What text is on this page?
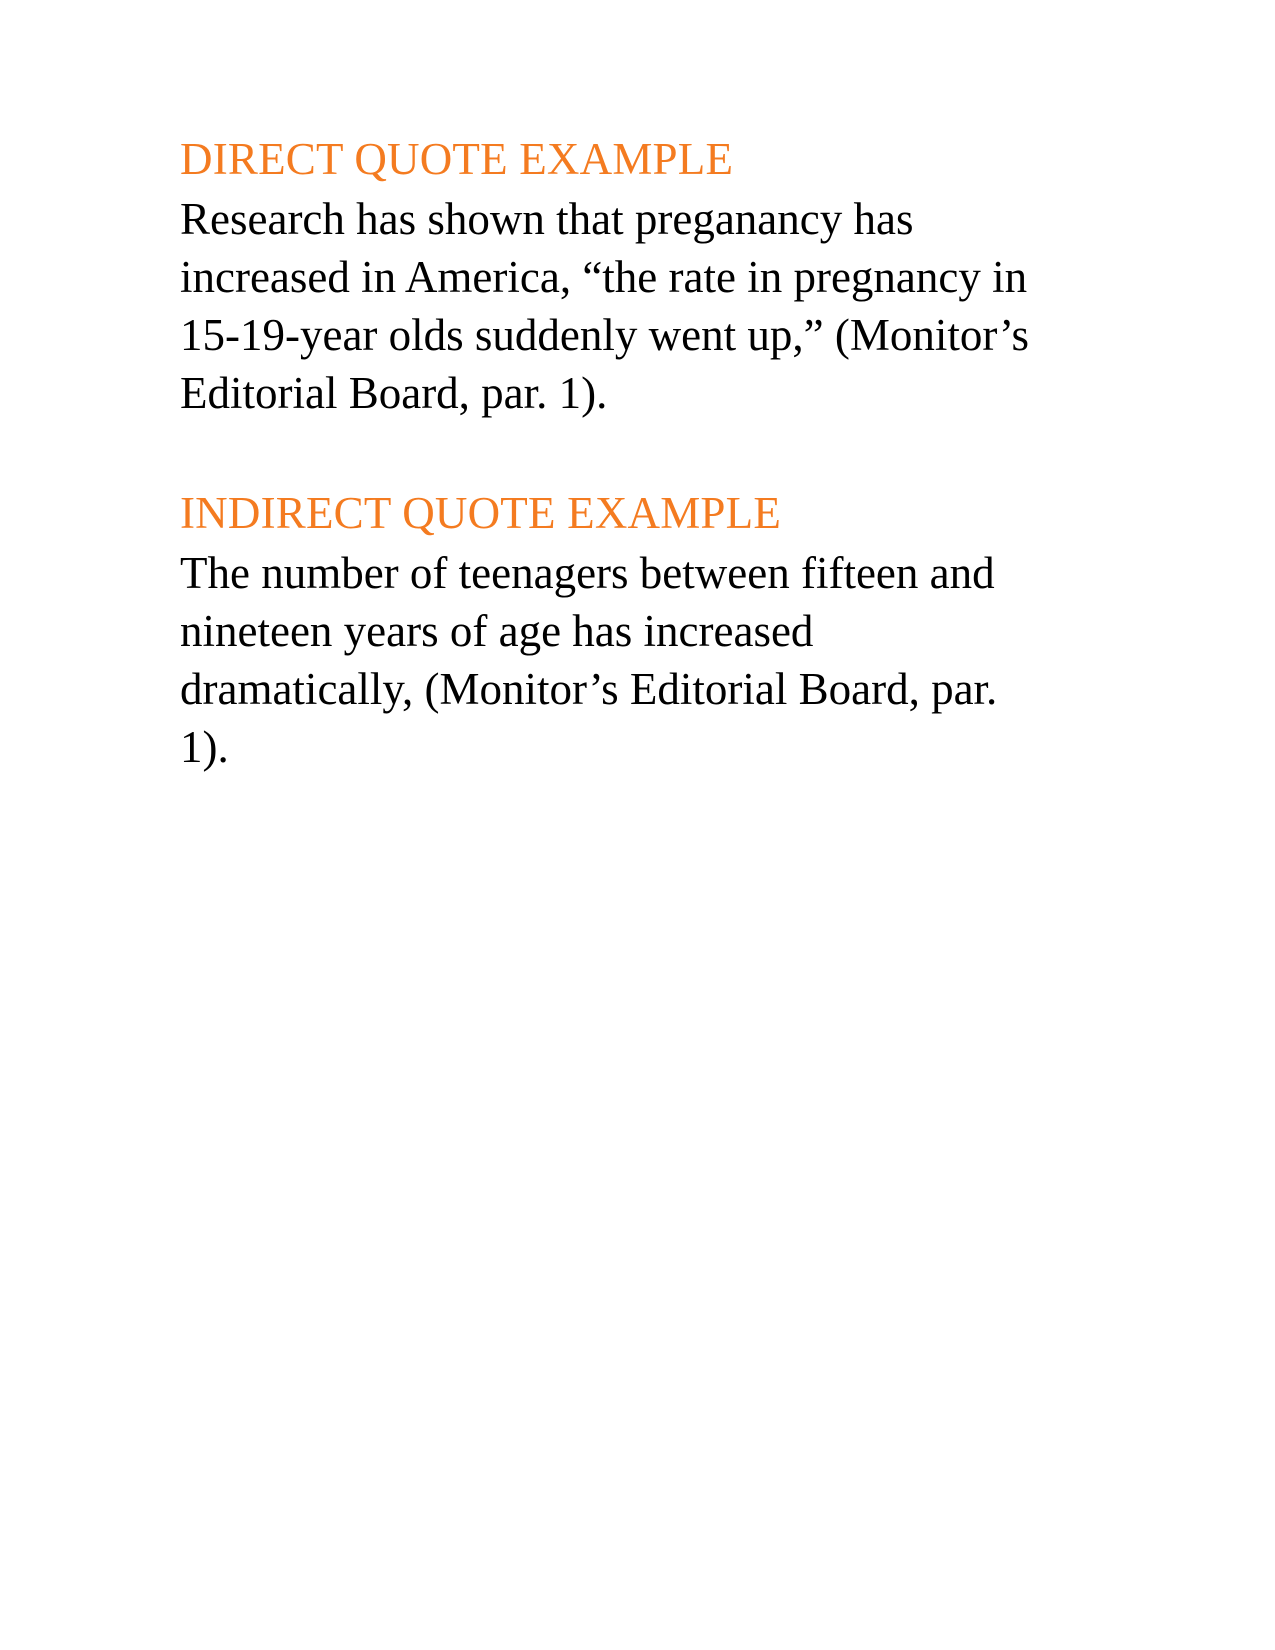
DIRECT QUOTE EXAMPLE

Research has shown that preganancy has increased in America, “the rate in pregnancy in 15-19-year olds suddenly went up,” (Monitor’s Editorial Board, par. 1).

INDIRECT QUOTE EXAMPLE

The number of teenagers between fifteen and nineteen years of age has increased dramatically, (Monitor’s Editorial Board, par. 1).
